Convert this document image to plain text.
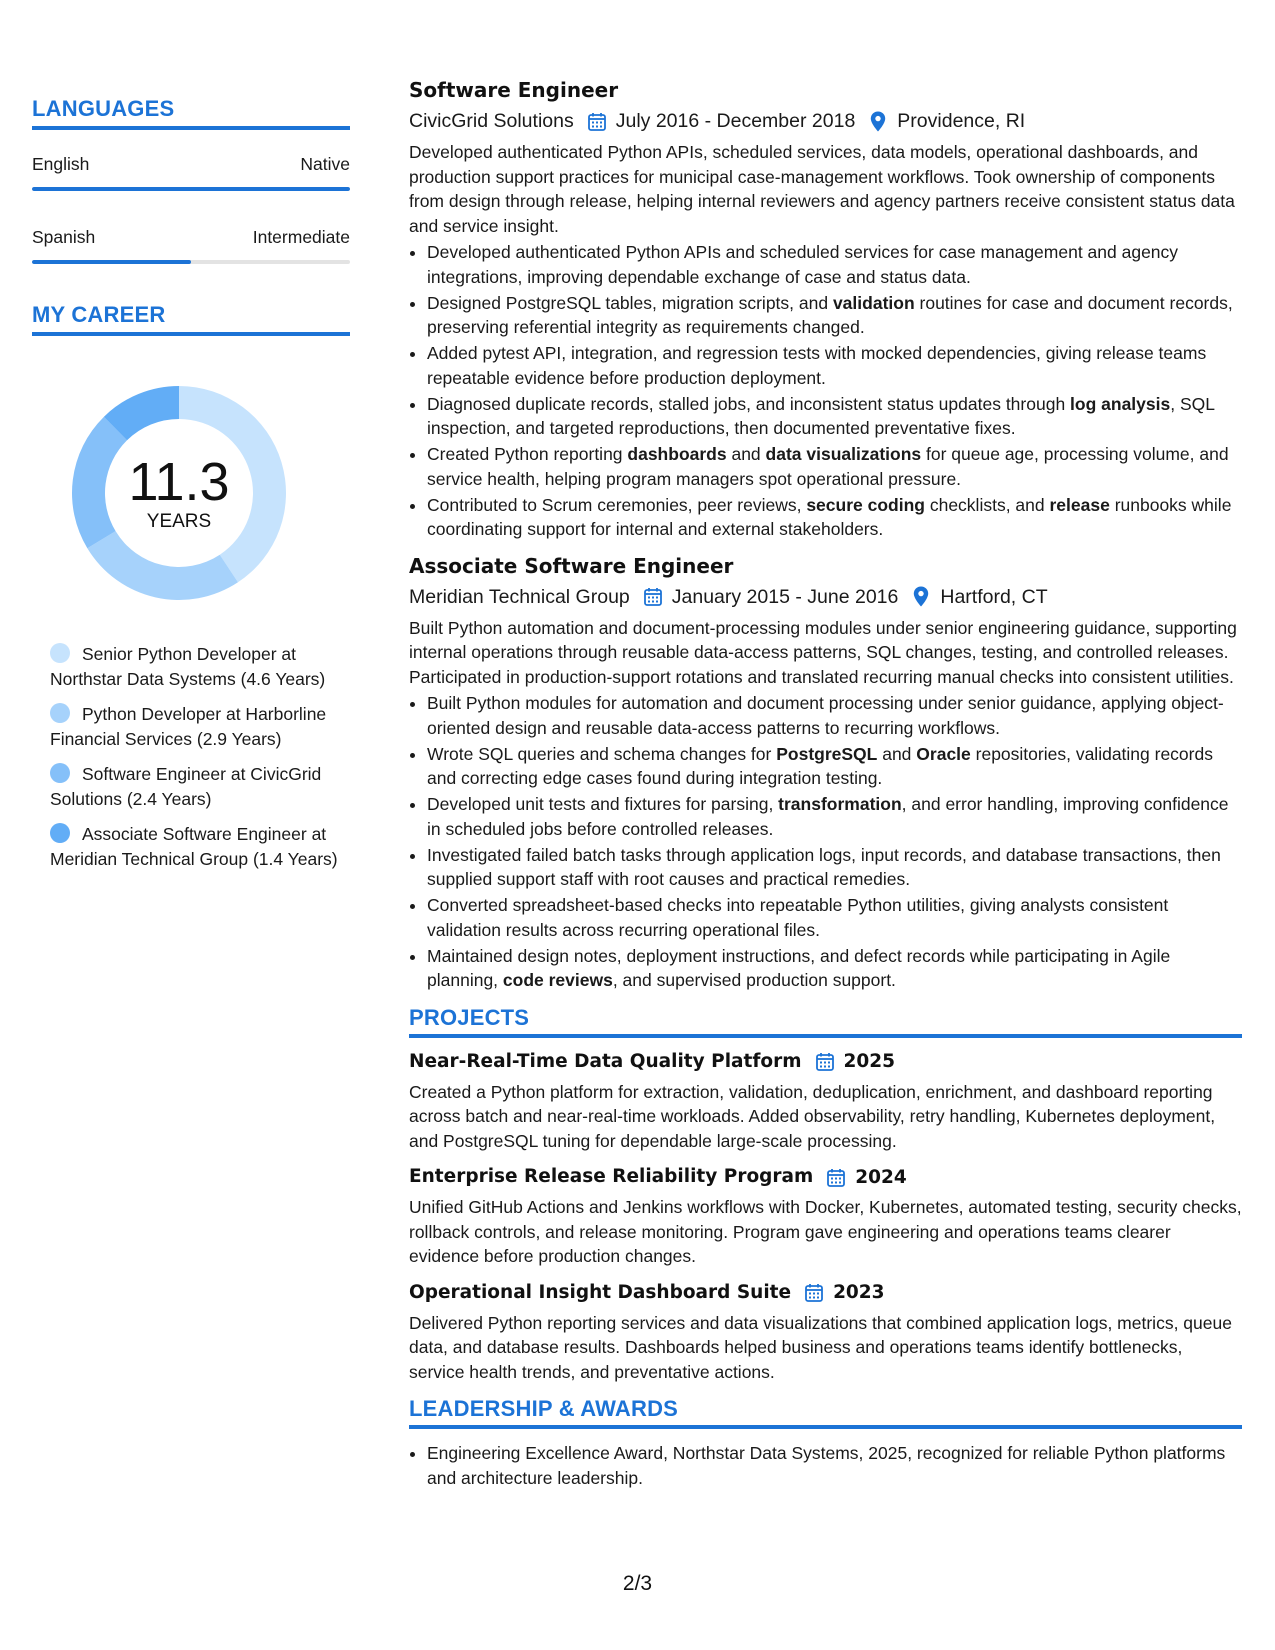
LANGUAGES
English	Native
Spanish	Intermediate
MY CAREER
11.3
YEARS
Senior Python Developer at Northstar Data Systems (4.6 Years)
Python Developer at Harborline Financial Services (2.9 Years)
Software Engineer at CivicGrid Solutions (2.4 Years)
Associate Software Engineer at Meridian Technical Group (1.4 Years)
Software Engineer
CivicGrid Solutions July 2016 - December 2018 Providence, RI

Developed authenticated Python APIs, scheduled services, data models, operational dashboards, and production support practices for municipal case-management workflows. Took ownership of components from design through release, helping internal reviewers and agency partners receive consistent status data and service insight.

• Developed authenticated Python APIs and scheduled services for case management and agency integrations, improving dependable exchange of case and status data.
• Designed PostgreSQL tables, migration scripts, and validation routines for case and document records, preserving referential integrity as requirements changed.
• Added pytest API, integration, and regression tests with mocked dependencies, giving release teams repeatable evidence before production deployment.
• Diagnosed duplicate records, stalled jobs, and inconsistent status updates through log analysis, SQL inspection, and targeted reproductions, then documented preventative fixes.
• Created Python reporting dashboards and data visualizations for queue age, processing volume, and service health, helping program managers spot operational pressure.
• Contributed to Scrum ceremonies, peer reviews, secure coding checklists, and release runbooks while coordinating support for internal and external stakeholders.
Associate Software Engineer
Meridian Technical Group January 2015 - June 2016 Hartford, CT

Built Python automation and document-processing modules under senior engineering guidance, supporting internal operations through reusable data-access patterns, SQL changes, testing, and controlled releases. Participated in production-support rotations and translated recurring manual checks into consistent utilities.

• Built Python modules for automation and document processing under senior guidance, applying object-oriented design and reusable data-access patterns to recurring workflows.
• Wrote SQL queries and schema changes for PostgreSQL and Oracle repositories, validating records and correcting edge cases found during integration testing.
• Developed unit tests and fixtures for parsing, transformation, and error handling, improving confidence in scheduled jobs before controlled releases.
• Investigated failed batch tasks through application logs, input records, and database transactions, then supplied support staff with root causes and practical remedies.
• Converted spreadsheet-based checks into repeatable Python utilities, giving analysts consistent validation results across recurring operational files.
• Maintained design notes, deployment instructions, and defect records while participating in Agile planning, code reviews, and supervised production support.
PROJECTS
Near-Real-Time Data Quality Platform 2025

Created a Python platform for extraction, validation, deduplication, enrichment, and dashboard reporting across batch and near-real-time workloads. Added observability, retry handling, Kubernetes deployment, and PostgreSQL tuning for dependable large-scale processing.

Enterprise Release Reliability Program 2024

Unified GitHub Actions and Jenkins workflows with Docker, Kubernetes, automated testing, security checks, rollback controls, and release monitoring. Program gave engineering and operations teams clearer evidence before production changes.

Operational Insight Dashboard Suite 2023

Delivered Python reporting services and data visualizations that combined application logs, metrics, queue data, and database results. Dashboards helped business and operations teams identify bottlenecks, service health trends, and preventative actions.

LEADERSHIP & AWARDS
• Engineering Excellence Award, Northstar Data Systems, 2025, recognized for reliable Python platforms and architecture leadership.
2/3
